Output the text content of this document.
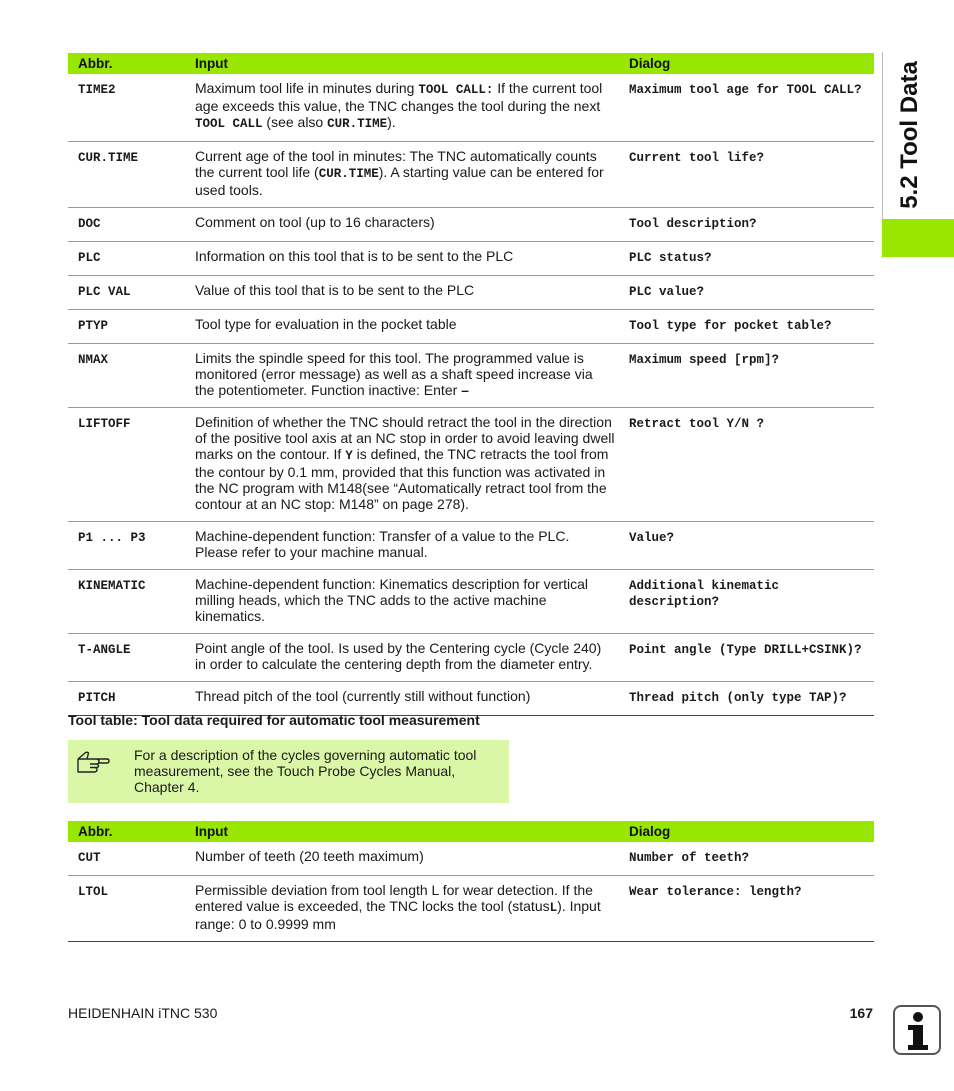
5.2 Tool Data
Abbr.	Input	Dialog
TIME2	Maximum tool life in minutes during TOOL CALL: If the current tool age exceeds this value, the TNC changes the tool during the next TOOL CALL (see also CUR.TIME).	Maximum tool age for TOOL CALL?
CUR.TIME	Current age of the tool in minutes: The TNC automatically counts the current tool life (CUR.TIME). A starting value can be entered for used tools.	Current tool life?
DOC	Comment on tool (up to 16 characters)	Tool description?
PLC	Information on this tool that is to be sent to the PLC	PLC status?
PLC VAL	Value of this tool that is to be sent to the PLC	PLC value?
PTYP	Tool type for evaluation in the pocket table	Tool type for pocket table?
NMAX	Limits the spindle speed for this tool. The programmed value is monitored (error message) as well as a shaft speed increase via the potentiometer. Function inactive: Enter –	Maximum speed [rpm]?
LIFTOFF	Definition of whether the TNC should retract the tool in the direction of the positive tool axis at an NC stop in order to avoid leaving dwell marks on the contour. If Y is defined, the TNC retracts the tool from the contour by 0.1 mm, provided that this function was activated in the NC program with M148(see “Automatically retract tool from the contour at an NC stop: M148” on page 278).	Retract tool Y/N ?
P1 ... P3	Machine-dependent function: Transfer of a value to the PLC. Please refer to your machine manual.	Value?
KINEMATIC	Machine-dependent function: Kinematics description for vertical milling heads, which the TNC adds to the active machine kinematics.	Additional kinematic description?
T-ANGLE	Point angle of the tool. Is used by the Centering cycle (Cycle 240) in order to calculate the centering depth from the diameter entry.	Point angle (Type DRILL+CSINK)?
PITCH	Thread pitch of the tool (currently still without function)	Thread pitch (only type TAP)?
Tool table: Tool data required for automatic tool measurement
For a description of the cycles governing automatic tool measurement, see the Touch Probe Cycles Manual, Chapter 4.
Abbr.	Input	Dialog
CUT	Number of teeth (20 teeth maximum)	Number of teeth?
LTOL	Permissible deviation from tool length L for wear detection. If the entered value is exceeded, the TNC locks the tool (statusL). Input range: 0 to 0.9999 mm	Wear tolerance: length?
HEIDENHAIN iTNC 530	167
